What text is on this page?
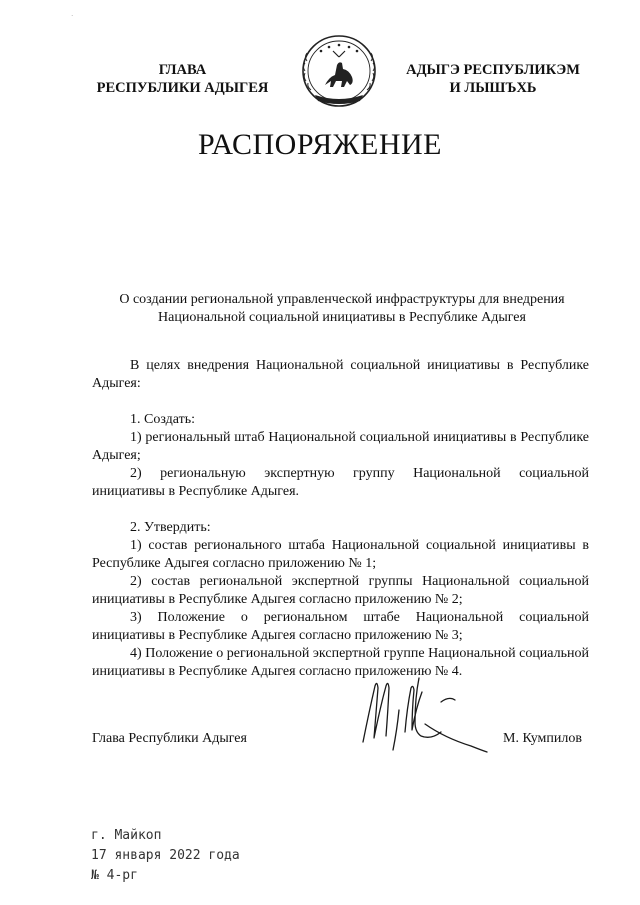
·
ГЛАВА
РЕСПУБЛИКИ АДЫГЕЯ
АДЫГЭ РЕСПУБЛИКЭМ
И ЛЫШЪХЬ
РАСПОРЯЖЕНИЕ
О создании региональной управленческой инфраструктуры для внедрения
Национальной социальной инициативы в Республике Адыгея

В целях внедрения Национальной социальной инициативы в Республике Адыгея:

1. Создать:

1) региональный штаб Национальной социальной инициативы в Республике Адыгея;

2) региональную экспертную группу Национальной социальной инициативы в Республике Адыгея.

2. Утвердить:

1) состав регионального штаба Национальной социальной инициативы в Республике Адыгея согласно приложению № 1;

2) состав региональной экспертной группы Национальной социальной инициативы в Республике Адыгея согласно приложению № 2;

3) Положение о региональном штабе Национальной социальной инициативы в Республике Адыгея согласно приложению № 3;

4) Положение о региональной экспертной группе Национальной социальной инициативы в Республике Адыгея согласно приложению № 4.

Глава Республики Адыгея	М. Кумпилов
г. Майкоп
17 января 2022 года
№ 4-рг
